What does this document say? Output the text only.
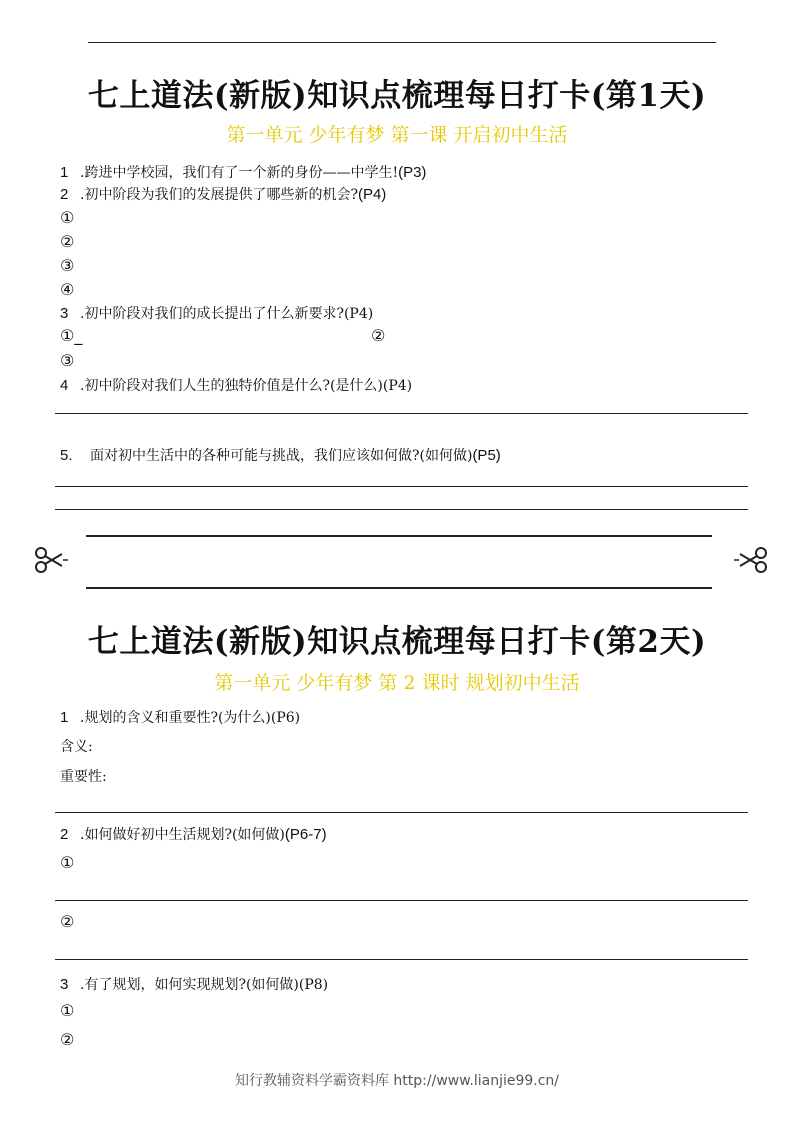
七上道法(新版)知识点梳理每日打卡(第1天)
第一单元 少年有梦 第一课 开启初中生活
1 .跨进中学校园，我们有了一个新的身份——中学生!(P3)
2 .初中阶段为我们的发展提供了哪些新的机会?(P4)
①
②
③
④
3 .初中阶段对我们的成长提出了什么新要求?(P4)
①_	②
③
4 .初中阶段对我们人生的独特价值是什么?(是什么)(P4)
5. 面对初中生活中的各种可能与挑战，我们应该如何做?(如何做)(P5)
七上道法(新版)知识点梳理每日打卡(第2天)
第一单元 少年有梦 第 2 课时 规划初中生活
1 .规划的含义和重要性?(为什么)(P6)
含义:
重要性:
2 .如何做好初中生活规划?(如何做)(P6-7)
①
②
3 .有了规划，如何实现规划?(如何做)(P8)
①
②
知行教辅资料学霸资料库 http://www.lianjie99.cn/
